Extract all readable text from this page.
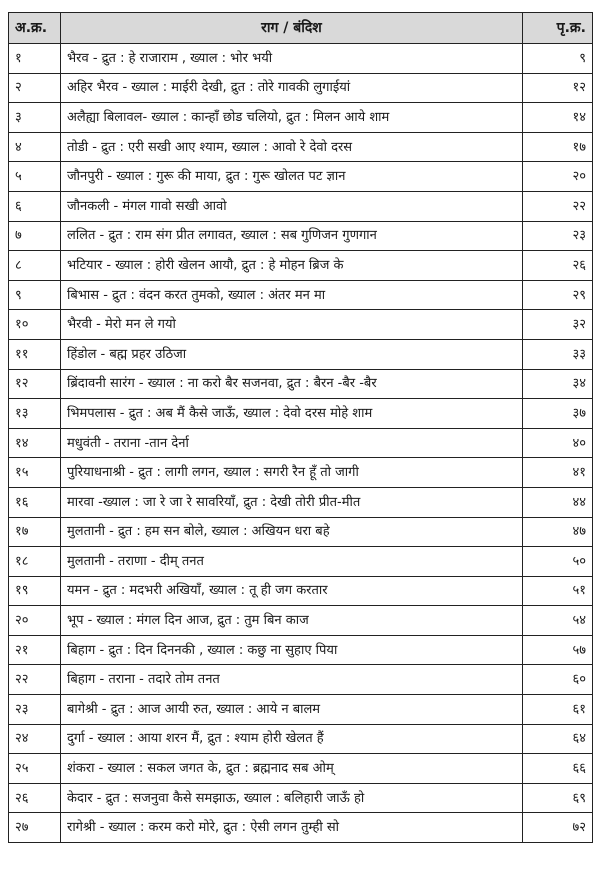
अ.क्र.	राग / बंदिश	पृ.क्र.
१	भैरव - द्रुत : हे राजाराम , ख्याल : भोर भयी	९
२	अहिर भैरव - ख्याल : माईरी देखी, द्रुत : तोरे गावकी लुगाईयां	१२
३	अलैह्या बिलावल- ख्याल : कान्हाँ छोड चलियो, द्रुत : मिलन आये शाम	१४
४	तोडी - द्रुत : एरी सखी आए श्याम, ख्याल : आवो रे देवो दरस	१७
५	जौनपुरी - ख्याल : गुरू की माया, द्रुत : गुरू खोलत पट ज्ञान	२०
६	जौनकली - मंगल गावो सखी आवो	२२
७	ललित - द्रुत : राम संग प्रीत लगावत, ख्याल : सब गुणिजन गुणगान	२३
८	भटियार - ख्याल : होरी खेलन आयौ, द्रुत : हे मोहन ब्रिज के	२६
९	बिभास - द्रुत : वंदन करत तुमको, ख्याल : अंतर मन मा	२९
१०	भैरवी - मेरो मन ले गयो	३२
११	हिंडोल - बह्म प्रहर उठिजा	३३
१२	ब्रिंदावनी सारंग - ख्याल : ना करो बैर सजनवा, द्रुत : बैरन -बैर -बैर	३४
१३	भिमपलास - द्रुत : अब मैं कैसे जाऊँ, ख्याल : देवो दरस मोहे शाम	३७
१४	मधुवंती - तराना -तान देर्ना	४०
१५	पुरियाधनाश्री - द्रुत : लागी लगन, ख्याल : सगरी रैन हूँ तो जागी	४१
१६	मारवा -ख्याल : जा रे जा रे सावरियाँ, द्रुत : देखी तोरी प्रीत-मीत	४४
१७	मुलतानी - द्रुत : हम सन बोले, ख्याल : अखियन धरा बहे	४७
१८	मुलतानी - तराणा - दीम् तनत	५०
१९	यमन - द्रुत : मदभरी अखियाँ, ख्याल : तू ही जग करतार	५१
२०	भूप - ख्याल : मंगल दिन आज, द्रुत : तुम बिन काज	५४
२१	बिहाग - द्रुत : दिन दिननकी , ख्याल : कछु ना सुहाए पिया	५७
२२	बिहाग - तराना - तदारे तोम तनत	६०
२३	बागेश्री - द्रुत : आज आयी रुत, ख्याल : आये न बालम	६१
२४	दुर्गा - ख्याल : आया शरन मैं, द्रुत : श्याम होरी खेलत हैं	६४
२५	शंकरा - ख्याल : सकल जगत के, द्रुत : ब्रह्मनाद सब ओम्	६६
२६	केदार - द्रुत : सजनुवा कैसे समझाऊ, ख्याल : बलिहारी जाऊँ हो	६९
२७	रागेश्री - ख्याल : करम करो मोरे, द्रुत : ऐसी लगन तुम्ही सो	७२
